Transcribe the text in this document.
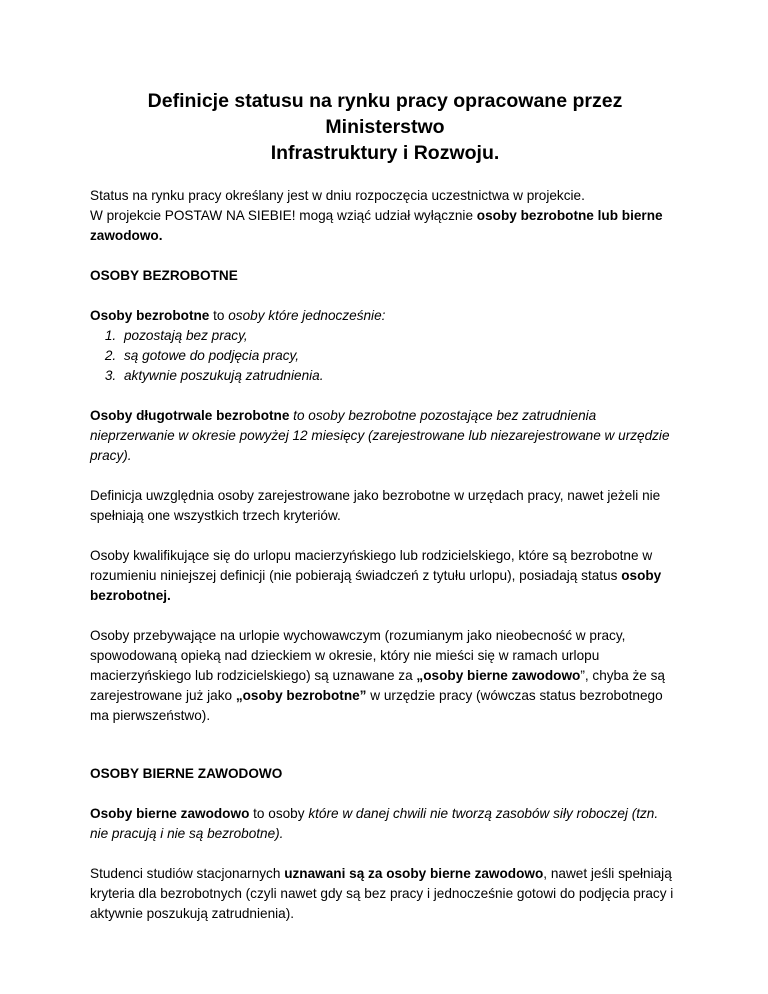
Definicje statusu na rynku pracy opracowane przez Ministerstwo
Infrastruktury i Rozwoju.

Status na rynku pracy określany jest w dniu rozpoczęcia uczestnictwa w projekcie.
W projekcie POSTAW NA SIEBIE! mogą wziąć udział wyłącznie osoby bezrobotne lub bierne zawodowo.

OSOBY BEZROBOTNE

Osoby bezrobotne to osoby które jednocześnie:

1. pozostają bez pracy,
2. są gotowe do podjęcia pracy,
3. aktywnie poszukują zatrudnienia.

Osoby długotrwale bezrobotne to osoby bezrobotne pozostające bez zatrudnienia nieprzerwanie w okresie powyżej 12 miesięcy (zarejestrowane lub niezarejestrowane w urzędzie pracy).

Definicja uwzględnia osoby zarejestrowane jako bezrobotne w urzędach pracy, nawet jeżeli nie spełniają one wszystkich trzech kryteriów.

Osoby kwalifikujące się do urlopu macierzyńskiego lub rodzicielskiego, które są bezrobotne w rozumieniu niniejszej definicji (nie pobierają świadczeń z tytułu urlopu), posiadają status osoby bezrobotnej.

Osoby przebywające na urlopie wychowawczym (rozumianym jako nieobecność w pracy, spowodowaną opieką nad dzieckiem w okresie, który nie mieści się w ramach urlopu macierzyńskiego lub rodzicielskiego) są uznawane za „osoby bierne zawodowo”, chyba że są zarejestrowane już jako „osoby bezrobotne” w urzędzie pracy (wówczas status bezrobotnego ma pierwszeństwo).

OSOBY BIERNE ZAWODOWO

Osoby bierne zawodowo to osoby które w danej chwili nie tworzą zasobów siły roboczej (tzn. nie pracują i nie są bezrobotne).

Studenci studiów stacjonarnych uznawani są za osoby bierne zawodowo, nawet jeśli spełniają kryteria dla bezrobotnych (czyli nawet gdy są bez pracy i jednocześnie gotowi do podjęcia pracy i aktywnie poszukują zatrudnienia).
